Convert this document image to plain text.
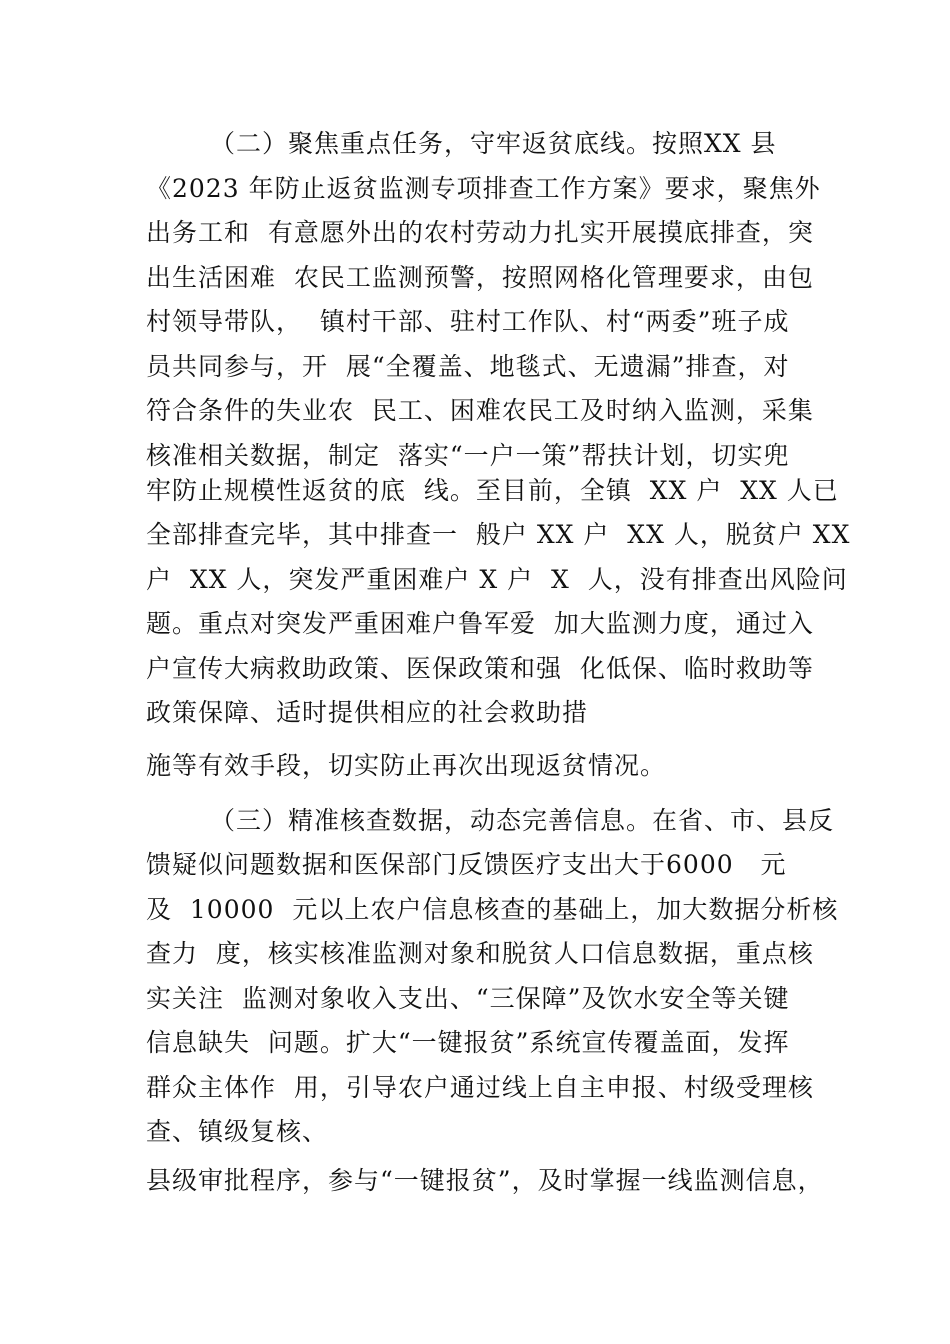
（二）聚焦重点任务，守牢返贫底线。按照XX 县
《2023 年防止返贫监测专项排查工作方案》要求，聚焦外
出务工和  有意愿外出的农村劳动力扎实开展摸底排查，突
出生活困难  农民工监测预警，按照网格化管理要求，由包
村领导带队，  镇村干部、驻村工作队、村“两委”班子成
员共同参与，开  展“全覆盖、地毯式、无遗漏”排查，对
符合条件的失业农  民工、困难农民工及时纳入监测，采集
核准相关数据，制定  落实“一户一策”帮扶计划，切实兜
牢防止规模性返贫的底  线。至目前，全镇  XX 户  XX 人已
全部排查完毕，其中排查一  般户 XX 户  XX 人，脱贫户 XX
户  XX 人，突发严重困难户 X 户  X  人，没有排查出风险问
题。重点对突发严重困难户鲁军爱  加大监测力度，通过入
户宣传大病救助政策、医保政策和强  化低保、临时救助等
政策保障、适时提供相应的社会救助措
施等有效手段，切实防止再次出现返贫情况。
（三）精准核查数据，动态完善信息。在省、市、县反
馈疑似问题数据和医保部门反馈医疗支出大于6000   元
及  10000  元以上农户信息核查的基础上，加大数据分析核
查力  度，核实核准监测对象和脱贫人口信息数据，重点核
实关注  监测对象收入支出、“三保障”及饮水安全等关键
信息缺失  问题。扩大“一键报贫”系统宣传覆盖面，发挥
群众主体作  用，引导农户通过线上自主申报、村级受理核
查、镇级复核、
县级审批程序，参与“一键报贫”，及时掌握一线监测信息，
